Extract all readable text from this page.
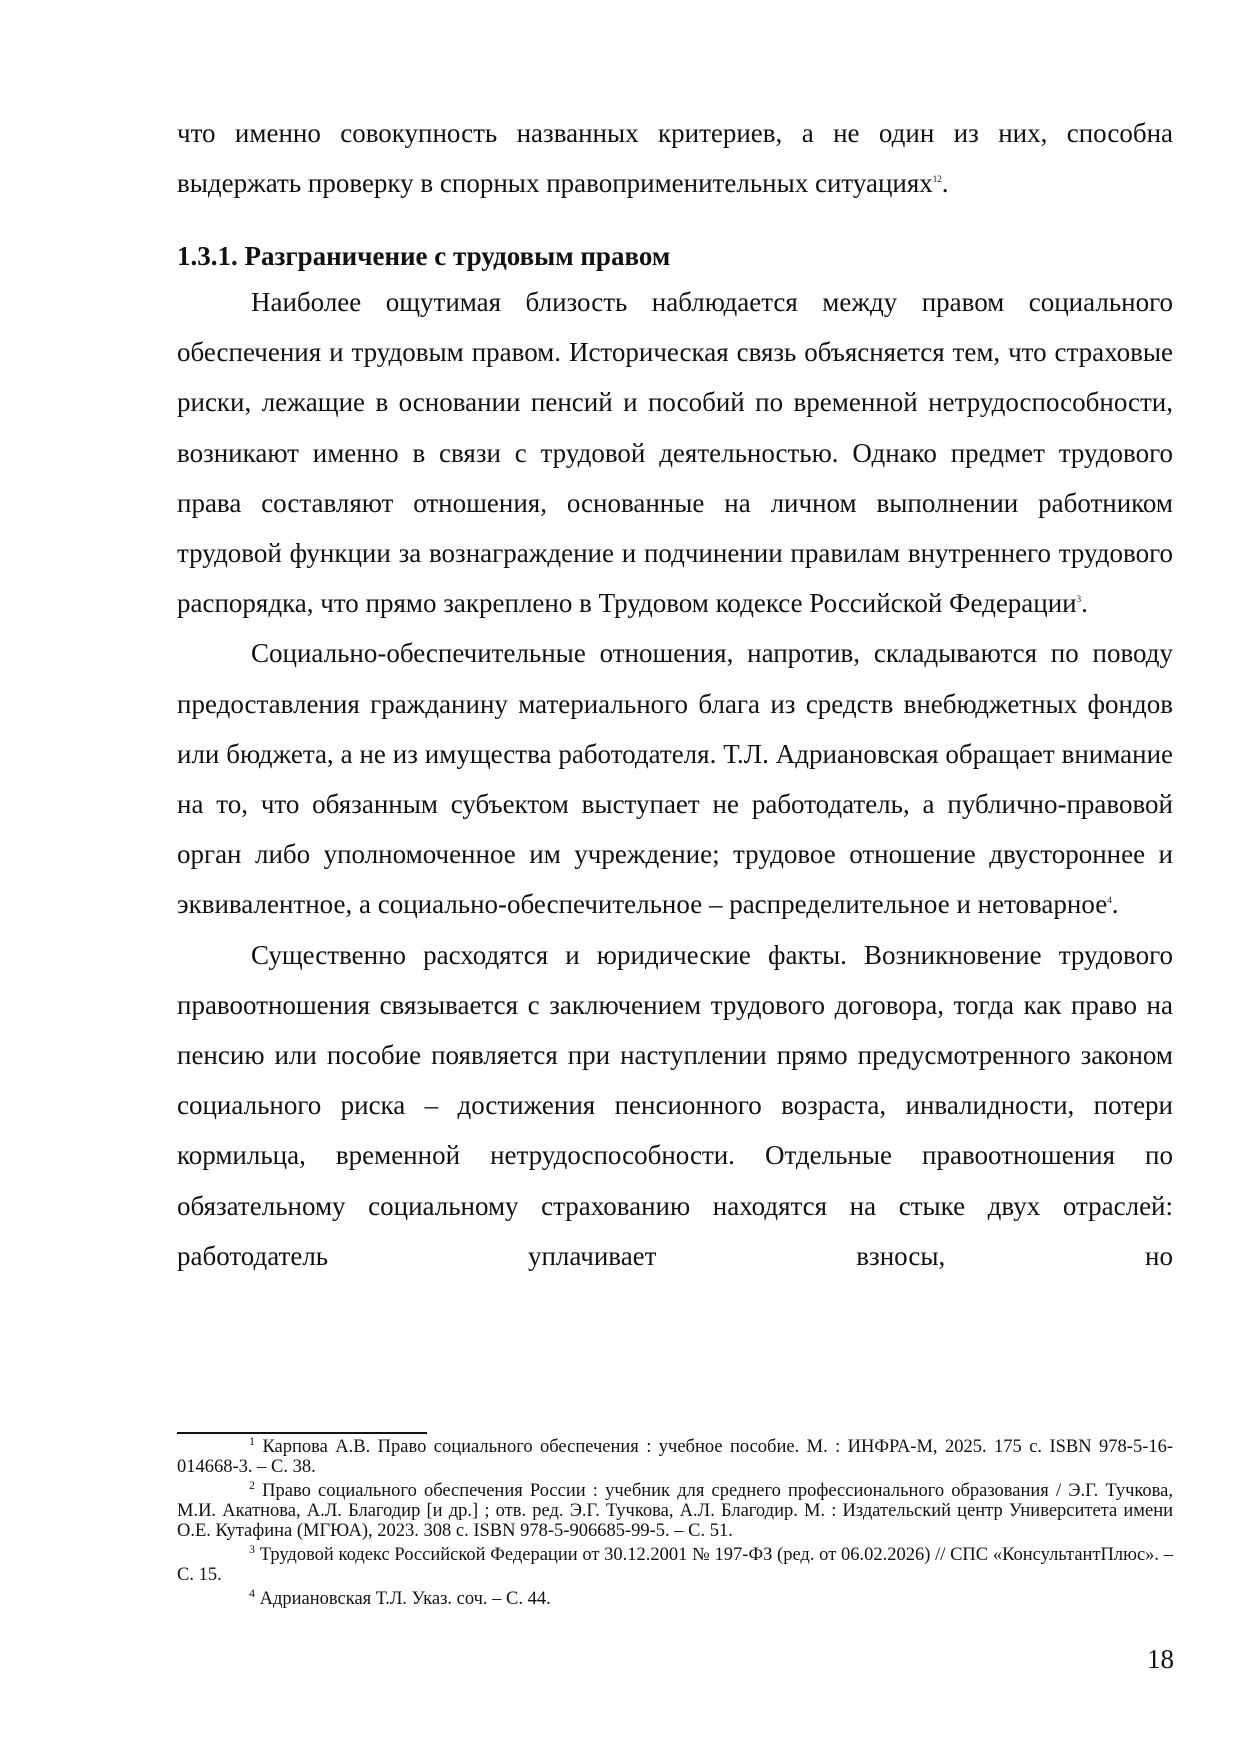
что именно совокупность названных критериев, а не один из них, способна

выдержать проверку в спорных правоприменительных ситуациях$^{12}$.

1.3.1. Разграничение с трудовым правом

Наиболее ощутимая близость наблюдается между правом социального обеспечения и трудовым правом. Историческая связь объясняется тем, что страховые риски, лежащие в основании пенсий и пособий по временной нетрудоспособности, возникают именно в связи с трудовой деятельностью. Однако предмет трудового права составляют отношения, основанные на личном выполнении работником трудовой функции за вознаграждение и подчинении правилам внутреннего трудового распорядка, что прямо закреплено в Трудовом кодексе Российской Федерации$^3$.

Социально-обеспечительные отношения, напротив, складываются по поводу предоставления гражданину материального блага из средств внебюджетных фондов или бюджета, а не из имущества работодателя. Т.Л. Адриановская обращает внимание на то, что обязанным субъектом выступает не работодатель, а публично-правовой орган либо уполномоченное им учреждение; трудовое отношение двустороннее и эквивалентное, а социально-обеспечительное – распределительное и нетоварное$^4$.

Существенно расходятся и юридические факты. Возникновение трудового правоотношения связывается с заключением трудового договора, тогда как право на пенсию или пособие появляется при наступлении прямо предусмотренного законом социального риска – достижения пенсионного возраста, инвалидности, потери кормильца, временной нетрудоспособности. Отдельные правоотношения по обязательному социальному страхованию находятся на стыке двух отраслей: работодатель уплачивает взносы, но

$^1$ Карпова А.В. Право социального обеспечения : учебное пособие. М. : ИНФРА-М, 2025. 175 с. ISBN 978-5-16-014668-3. – С. 38.

$^2$ Право социального обеспечения России : учебник для среднего профессионального образования / Э.Г. Тучкова, М.И. Акатнова, А.Л. Благодир [и др.] ; отв. ред. Э.Г. Тучкова, А.Л. Благодир. М. : Издательский центр Университета имени О.Е. Кутафина (МГЮА), 2023. 308 с. ISBN 978-5-906685-99-5. – С. 51.

$^3$ Трудовой кодекс Российской Федерации от 30.12.2001 № 197-ФЗ (ред. от 06.02.2026) // СПС «КонсультантПлюс». – С. 15.

$^4$ Адриановская Т.Л. Указ. соч. – С. 44.

18
